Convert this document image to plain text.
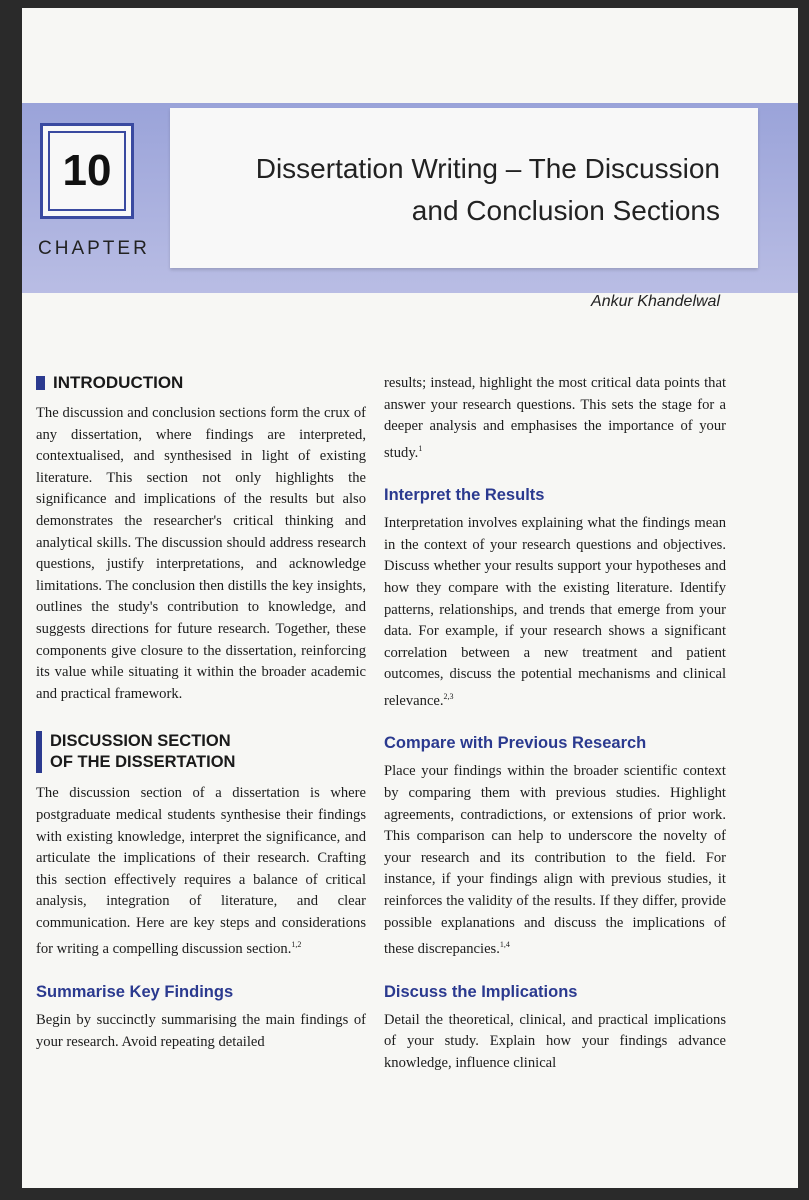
10
CHAPTER
Dissertation Writing – The Discussion
and Conclusion Sections
Ankur Khandelwal
INTRODUCTION

The discussion and conclusion sections form the crux of any dissertation, where findings are interpreted, contextualised, and synthesised in light of existing literature. This section not only highlights the significance and implications of the results but also demonstrates the researcher's critical thinking and analytical skills. The discussion should address research questions, justify interpretations, and acknowledge limitations. The conclusion then distills the key insights, outlines the study's contribution to knowledge, and suggests directions for future research. Together, these components give closure to the dissertation, reinforcing its value while situating it within the broader academic and practical framework.

DISCUSSION SECTION
OF THE DISSERTATION

The discussion section of a dissertation is where postgraduate medical students synthesise their findings with existing knowledge, interpret the significance, and articulate the implications of their research. Crafting this section effectively requires a balance of critical analysis, integration of literature, and clear communication. Here are key steps and considerations for writing a compelling discussion section.$^{1,2}$

Summarise Key Findings

Begin by succinctly summarising the main findings of your research. Avoid repeating detailed

results; instead, highlight the most critical data points that answer your research questions. This sets the stage for a deeper analysis and emphasises the importance of your study.$^1$

Interpret the Results

Interpretation involves explaining what the findings mean in the context of your research questions and objectives. Discuss whether your results support your hypotheses and how they compare with the existing literature. Identify patterns, relationships, and trends that emerge from your data. For example, if your research shows a significant correlation between a new treatment and patient outcomes, discuss the potential mechanisms and clinical relevance.$^{2,3}$

Compare with Previous Research

Place your findings within the broader scientific context by comparing them with previous studies. Highlight agreements, contradictions, or extensions of prior work. This comparison can help to underscore the novelty of your research and its contribution to the field. For instance, if your findings align with previous studies, it reinforces the validity of the results. If they differ, provide possible explanations and discuss the implications of these discrepancies.$^{1,4}$

Discuss the Implications

Detail the theoretical, clinical, and practical implications of your study. Explain how your findings advance knowledge, influence clinical
